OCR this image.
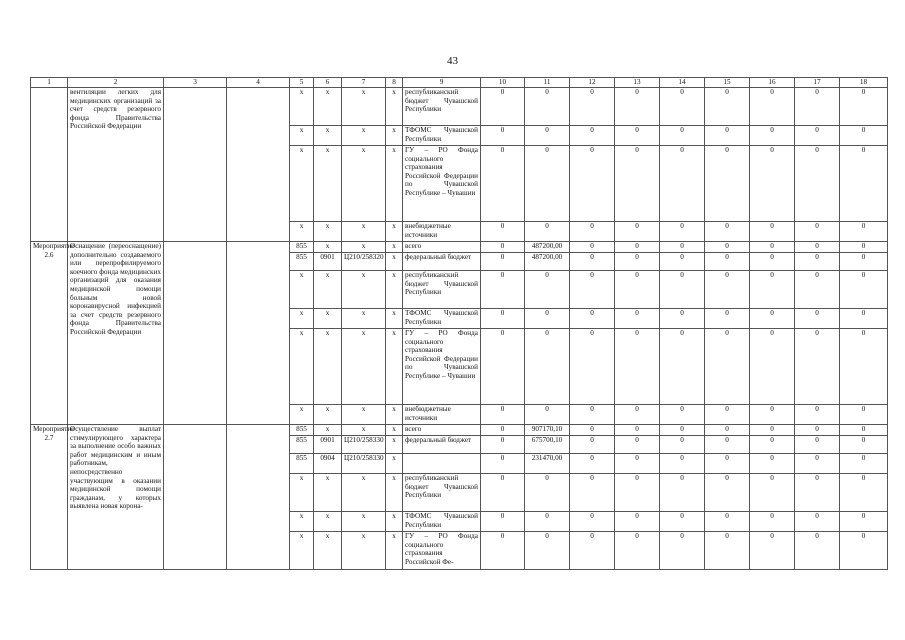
43
1	2	3	4	5	6	7	8	9	10	11	12	13	14	15	16	17	18
	вентиляции легких для медицинских организаций за счет средств резервного фонда Правительства Российской Федерации			x	x	x	x	республиканский бюджет Чувашской Республики	0	0	0	0	0	0	0	0	0
				x	x	x	x	ТФОМС Чувашской Республики	0	0	0	0	0	0	0	0	0
				x	x	x	x	ГУ – РО Фонда социального страхования Российской Федерации по Чувашской Республике – Чувашии	0	0	0	0	0	0	0	0	0
				x	x	x	x	внебюджетные источники	0	0	0	0	0	0	0	0	0
Мероприятие 2.6	Оснащение (переоснащение) дополнительно создаваемого или перепрофилируемого коечного фонда медицинских организаций для оказания медицинской помощи больным новой коронавирусной инфекцией за счет средств резервного фонда Правительства Российской Федерации			855	x	x	x	всего	0	487200,00	0	0	0	0	0	0	0
				855	0901	Ц210/258320	x	федеральный бюджет	0	487200,00	0	0	0	0	0	0	0
				x	x	x	x	республиканский бюджет Чувашской Республики	0	0	0	0	0	0	0	0	0
				x	x	x	x	ТФОМС Чувашской Республики	0	0	0	0	0	0	0	0	0
				x	x	x	x	ГУ – РО Фонда социального страхования Российской Федерации по Чувашской Республике – Чувашии	0	0	0	0	0	0	0	0	0
				x	x	x	x	внебюджетные источники	0	0	0	0	0	0	0	0	0
Мероприятие 2.7	Осуществление выплат стимулирующего характера за выполнение особо важных работ медицинским и иным работникам, непосредственно участвующим в оказании медицинской помощи гражданам, у которых выявлена новая корона-			855	x	x	x	всего	0	907170,10	0	0	0	0	0	0	0
				855	0901	Ц210/258330	x	федеральный бюджет	0	675700,10	0	0	0	0	0	0	0
				855	0904	Ц210/258330	x		0	231470,00	0	0	0	0	0	0	0
				x	x	x	x	республиканский бюджет Чувашской Республики	0	0	0	0	0	0	0	0	0
				x	x	x	x	ТФОМС Чувашской Республики	0	0	0	0	0	0	0	0	0
				x	x	x	x	ГУ – РО Фонда социального страхования Российской Фе-	0	0	0	0	0	0	0	0	0
